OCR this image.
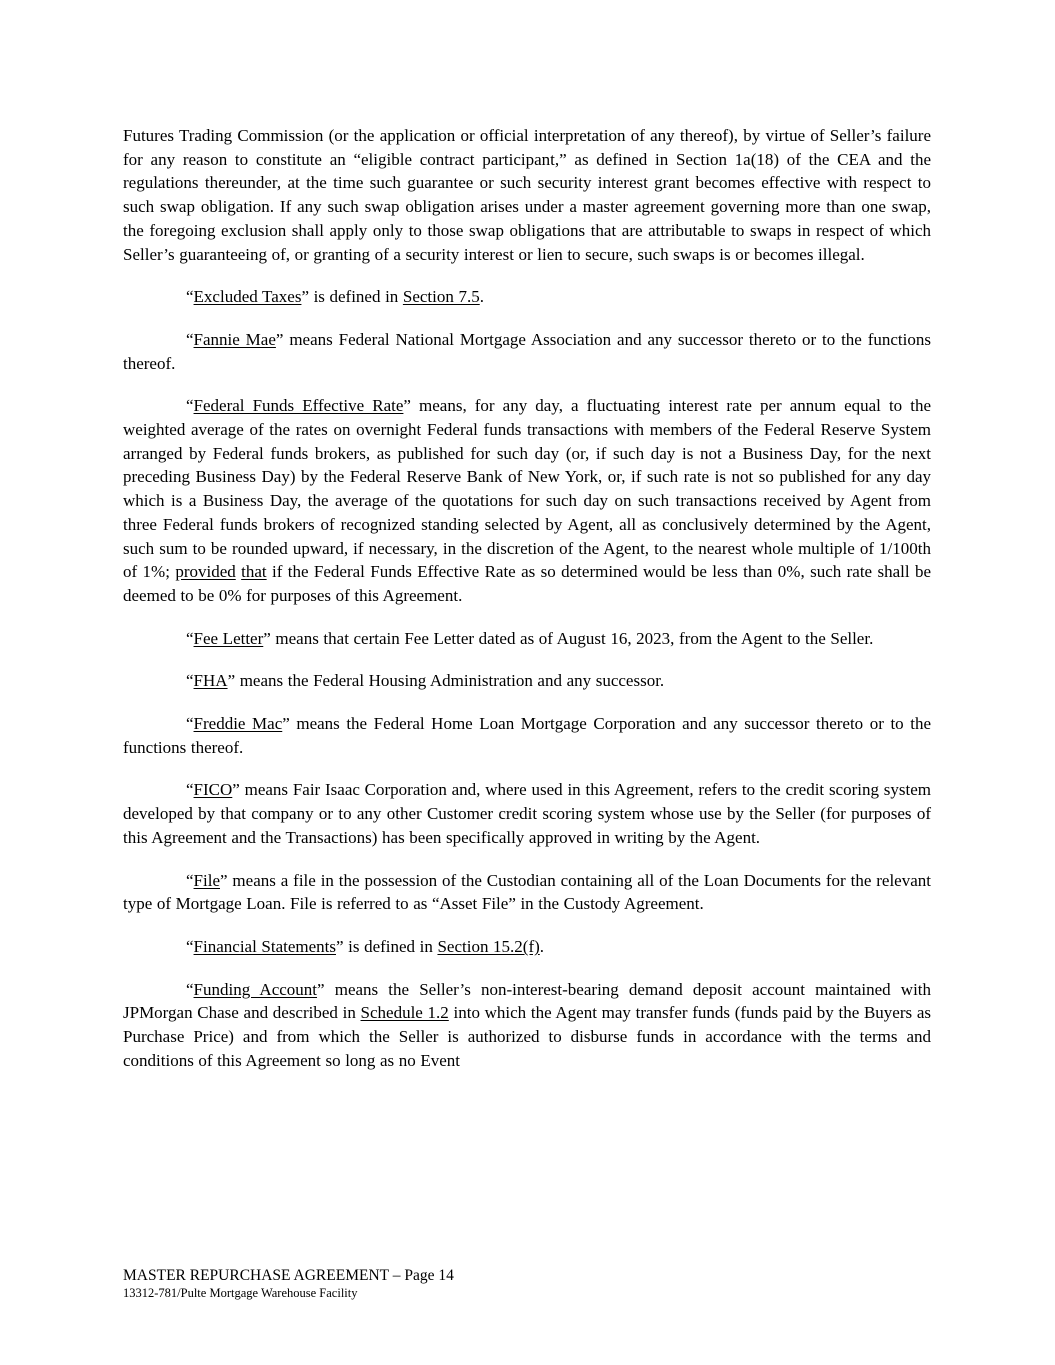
Futures Trading Commission (or the application or official interpretation of any thereof), by virtue of Seller’s failure for any reason to constitute an “eligible contract participant,” as defined in Section 1a(18) of the CEA and the regulations thereunder, at the time such guarantee or such security interest grant becomes effective with respect to such swap obligation. If any such swap obligation arises under a master agreement governing more than one swap, the foregoing exclusion shall apply only to those swap obligations that are attributable to swaps in respect of which Seller’s guaranteeing of, or granting of a security interest or lien to secure, such swaps is or becomes illegal.

“Excluded Taxes” is defined in Section 7.5.

“Fannie Mae” means Federal National Mortgage Association and any successor thereto or to the functions thereof.

“Federal Funds Effective Rate” means, for any day, a fluctuating interest rate per annum equal to the weighted average of the rates on overnight Federal funds transactions with members of the Federal Reserve System arranged by Federal funds brokers, as published for such day (or, if such day is not a Business Day, for the next preceding Business Day) by the Federal Reserve Bank of New York, or, if such rate is not so published for any day which is a Business Day, the average of the quotations for such day on such transactions received by Agent from three Federal funds brokers of recognized standing selected by Agent, all as conclusively determined by the Agent, such sum to be rounded upward, if necessary, in the discretion of the Agent, to the nearest whole multiple of 1/100th of 1%; provided that if the Federal Funds Effective Rate as so determined would be less than 0%, such rate shall be deemed to be 0% for purposes of this Agreement.

“Fee Letter” means that certain Fee Letter dated as of August 16, 2023, from the Agent to the Seller.

“FHA” means the Federal Housing Administration and any successor.

“Freddie Mac” means the Federal Home Loan Mortgage Corporation and any successor thereto or to the functions thereof.

“FICO” means Fair Isaac Corporation and, where used in this Agreement, refers to the credit scoring system developed by that company or to any other Customer credit scoring system whose use by the Seller (for purposes of this Agreement and the Transactions) has been specifically approved in writing by the Agent.

“File” means a file in the possession of the Custodian containing all of the Loan Documents for the relevant type of Mortgage Loan. File is referred to as “Asset File” in the Custody Agreement.

“Financial Statements” is defined in Section 15.2(f).

“Funding Account” means the Seller’s non-interest-bearing demand deposit account maintained with JPMorgan Chase and described in Schedule 1.2 into which the Agent may transfer funds (funds paid by the Buyers as Purchase Price) and from which the Seller is authorized to disburse funds in accordance with the terms and conditions of this Agreement so long as no Event

MASTER REPURCHASE AGREEMENT – Page 14
13312-781/Pulte Mortgage Warehouse Facility
